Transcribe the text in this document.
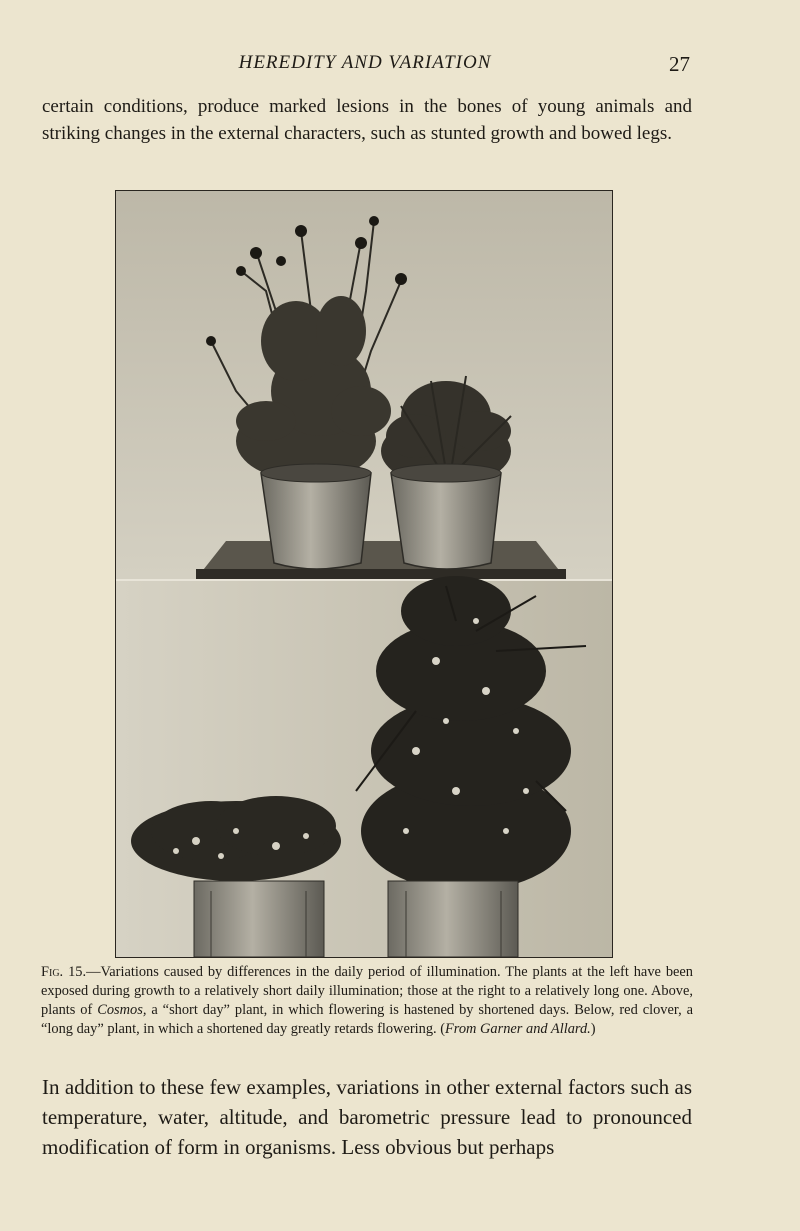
HEREDITY AND VARIATION	27

certain conditions, produce marked lesions in the bones of young animals and striking changes in the external characters, such as stunted growth and bowed legs.

Fig. 15.—Variations caused by differences in the daily period of illumination. The plants at the left have been exposed during growth to a relatively short daily illumination; those at the right to a relatively long one. Above, plants of Cosmos, a “short day” plant, in which flowering is hastened by shortened days. Below, red clover, a “long day” plant, in which a shortened day greatly retards flowering. (From Garner and Allard.)

In addition to these few examples, variations in other external factors such as temperature, water, altitude, and barometric pressure lead to pronounced modification of form in organisms. Less obvious but perhaps
